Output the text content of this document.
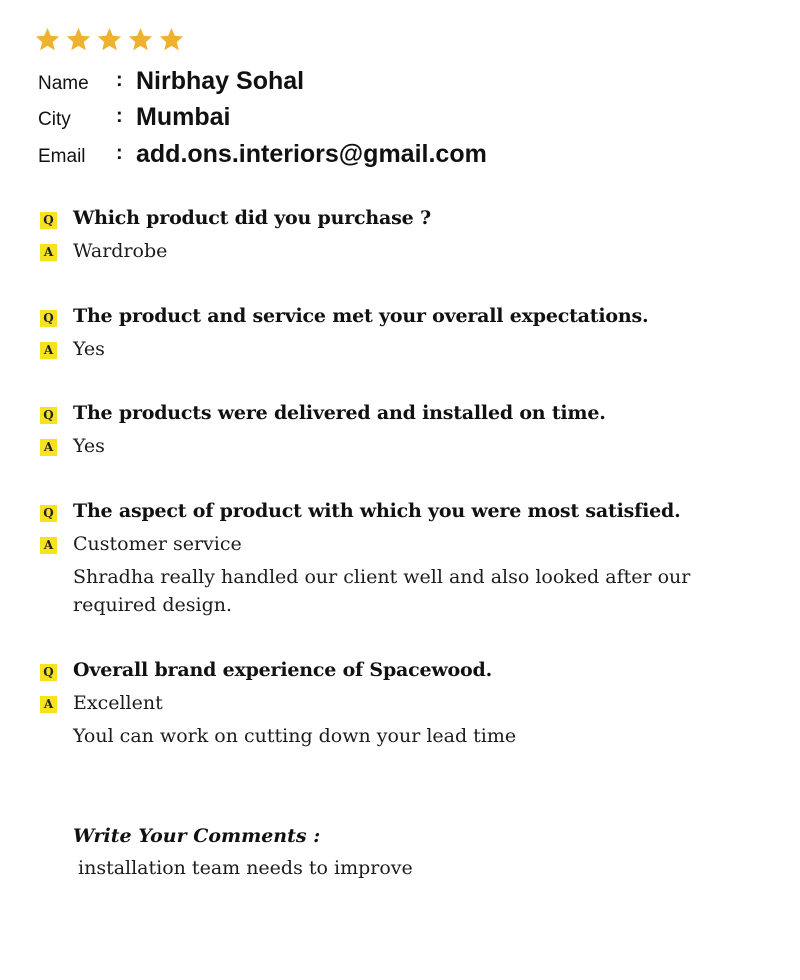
Name : Nirbhay Sohal
City : Mumbai
Email : add.ons.interiors@gmail.com
Q Which product did you purchase ?
A Wardrobe
Q The product and service met your overall expectations.
A Yes
Q The products were delivered and installed on time.
A Yes
Q The aspect of product with which you were most satisfied.
A Customer service
Shradha really handled our client well and also looked after our required design.
Q Overall brand experience of Spacewood.
A Excellent
Youl can work on cutting down your lead time
Write Your Comments :
installation team needs to improve
